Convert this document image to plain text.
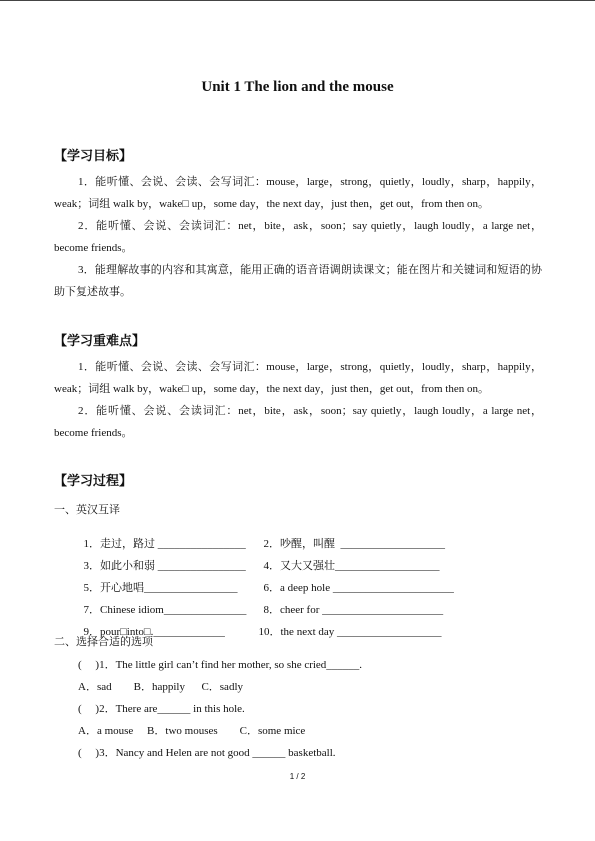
Unit 1 The lion and the mouse
【学习目标】

1．能听懂、会说、会读、会写词汇：mouse，large，strong，quietly，loudly，sharp，happily，weak；词组 walk by，wake□ up，some day，the next day，just then，get out，from then on。

2．能听懂、会说、会读词汇：net，bite，ask，soon；say quietly，laugh loudly，a large net，become friends。

3．能理解故事的内容和其寓意，能用正确的语音语调朗读课文；能在图片和关键词和短语的协助下复述故事。

【学习重难点】

1．能听懂、会说、会读、会写词汇：mouse，large，strong，quietly，loudly，sharp，happily，weak；词组 walk by，wake□ up，some day，the next day，just then，get out，from then on。

2．能听懂、会说、会读词汇：net，bite，ask，soon；say quietly，laugh loudly，a large net，become friends。

【学习过程】
一、英汉互译

1．走过，路过 ________________ 2．吵醒，叫醒  ___________________

3．如此小和弱 ________________ 4．又大又强壮___________________

5．开心地唱_________________ 6．a deep hole ______________________

7．Chinese idiom_______________ 8．cheer for ______________________

9．pour□into□._____________	10．the next day ___________________

二、选择合适的选项
(     )1．The little girl can’t find her mother, so she cried______.
A．sad        B．happily      C．sadly
(     )2．There are______ in this hole.
A．a mouse     B．two mouses        C．some mice
(     )3．Nancy and Helen are not good ______ basketball.
1 / 2
